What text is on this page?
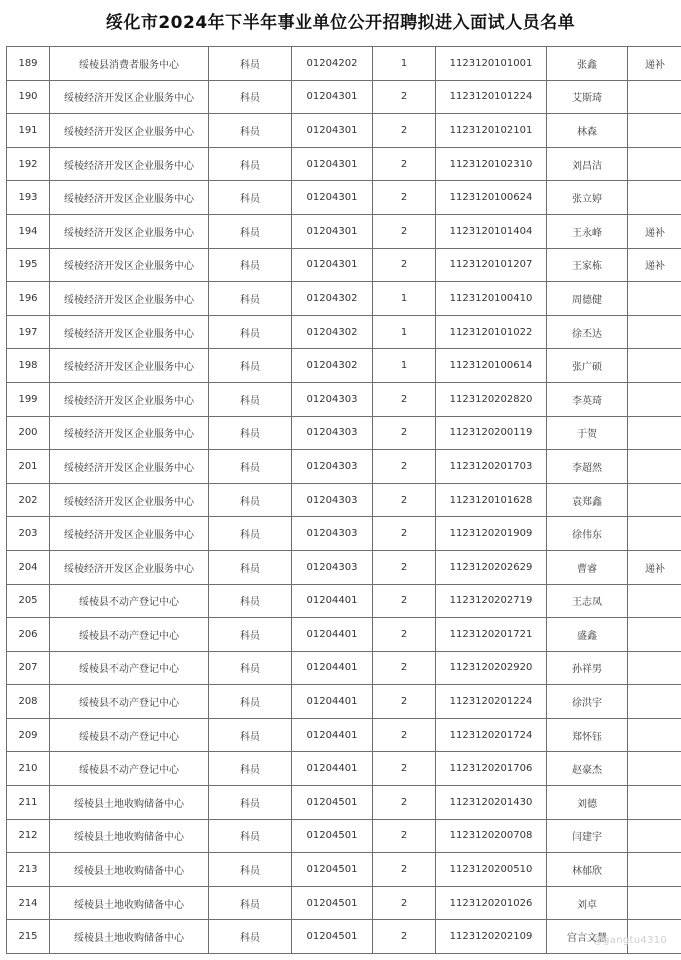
绥化市2024年下半年事业单位公开招聘拟进入面试人员名单
189	绥棱县消费者服务中心	科员	01204202	1	1123120101001	张鑫	递补
190	绥棱经济开发区企业服务中心	科员	01204301	2	1123120101224	艾斯琦	
191	绥棱经济开发区企业服务中心	科员	01204301	2	1123120102101	林森	
192	绥棱经济开发区企业服务中心	科员	01204301	2	1123120102310	刘昌洁	
193	绥棱经济开发区企业服务中心	科员	01204301	2	1123120100624	张立婷	
194	绥棱经济开发区企业服务中心	科员	01204301	2	1123120101404	王永峰	递补
195	绥棱经济开发区企业服务中心	科员	01204301	2	1123120101207	王家栋	递补
196	绥棱经济开发区企业服务中心	科员	01204302	1	1123120100410	周德健	
197	绥棱经济开发区企业服务中心	科员	01204302	1	1123120101022	徐丕达	
198	绥棱经济开发区企业服务中心	科员	01204302	1	1123120100614	张广硕	
199	绥棱经济开发区企业服务中心	科员	01204303	2	1123120202820	李英琦	
200	绥棱经济开发区企业服务中心	科员	01204303	2	1123120200119	于贺	
201	绥棱经济开发区企业服务中心	科员	01204303	2	1123120201703	李超然	
202	绥棱经济开发区企业服务中心	科员	01204303	2	1123120101628	袁郑鑫	
203	绥棱经济开发区企业服务中心	科员	01204303	2	1123120201909	徐伟东	
204	绥棱经济开发区企业服务中心	科员	01204303	2	1123120202629	曹睿	递补
205	绥棱县不动产登记中心	科员	01204401	2	1123120202719	王志凤	
206	绥棱县不动产登记中心	科员	01204401	2	1123120201721	盛鑫	
207	绥棱县不动产登记中心	科员	01204401	2	1123120202920	孙祥男	
208	绥棱县不动产登记中心	科员	01204401	2	1123120201224	徐洪宇	
209	绥棱县不动产登记中心	科员	01204401	2	1123120201724	郑怀钰	
210	绥棱县不动产登记中心	科员	01204401	2	1123120201706	赵豪杰	
211	绥棱县土地收购储备中心	科员	01204501	2	1123120201430	刘德	
212	绥棱县土地收购储备中心	科员	01204501	2	1123120200708	闫建宇	
213	绥棱县土地收购储备中心	科员	01204501	2	1123120200510	林郁欣	
214	绥棱县土地收购储备中心	科员	01204501	2	1123120201026	刘卓	
215	绥棱县土地收购储备中心	科员	01204501	2	1123120202109	宫言文慧	
@gangtu4310
